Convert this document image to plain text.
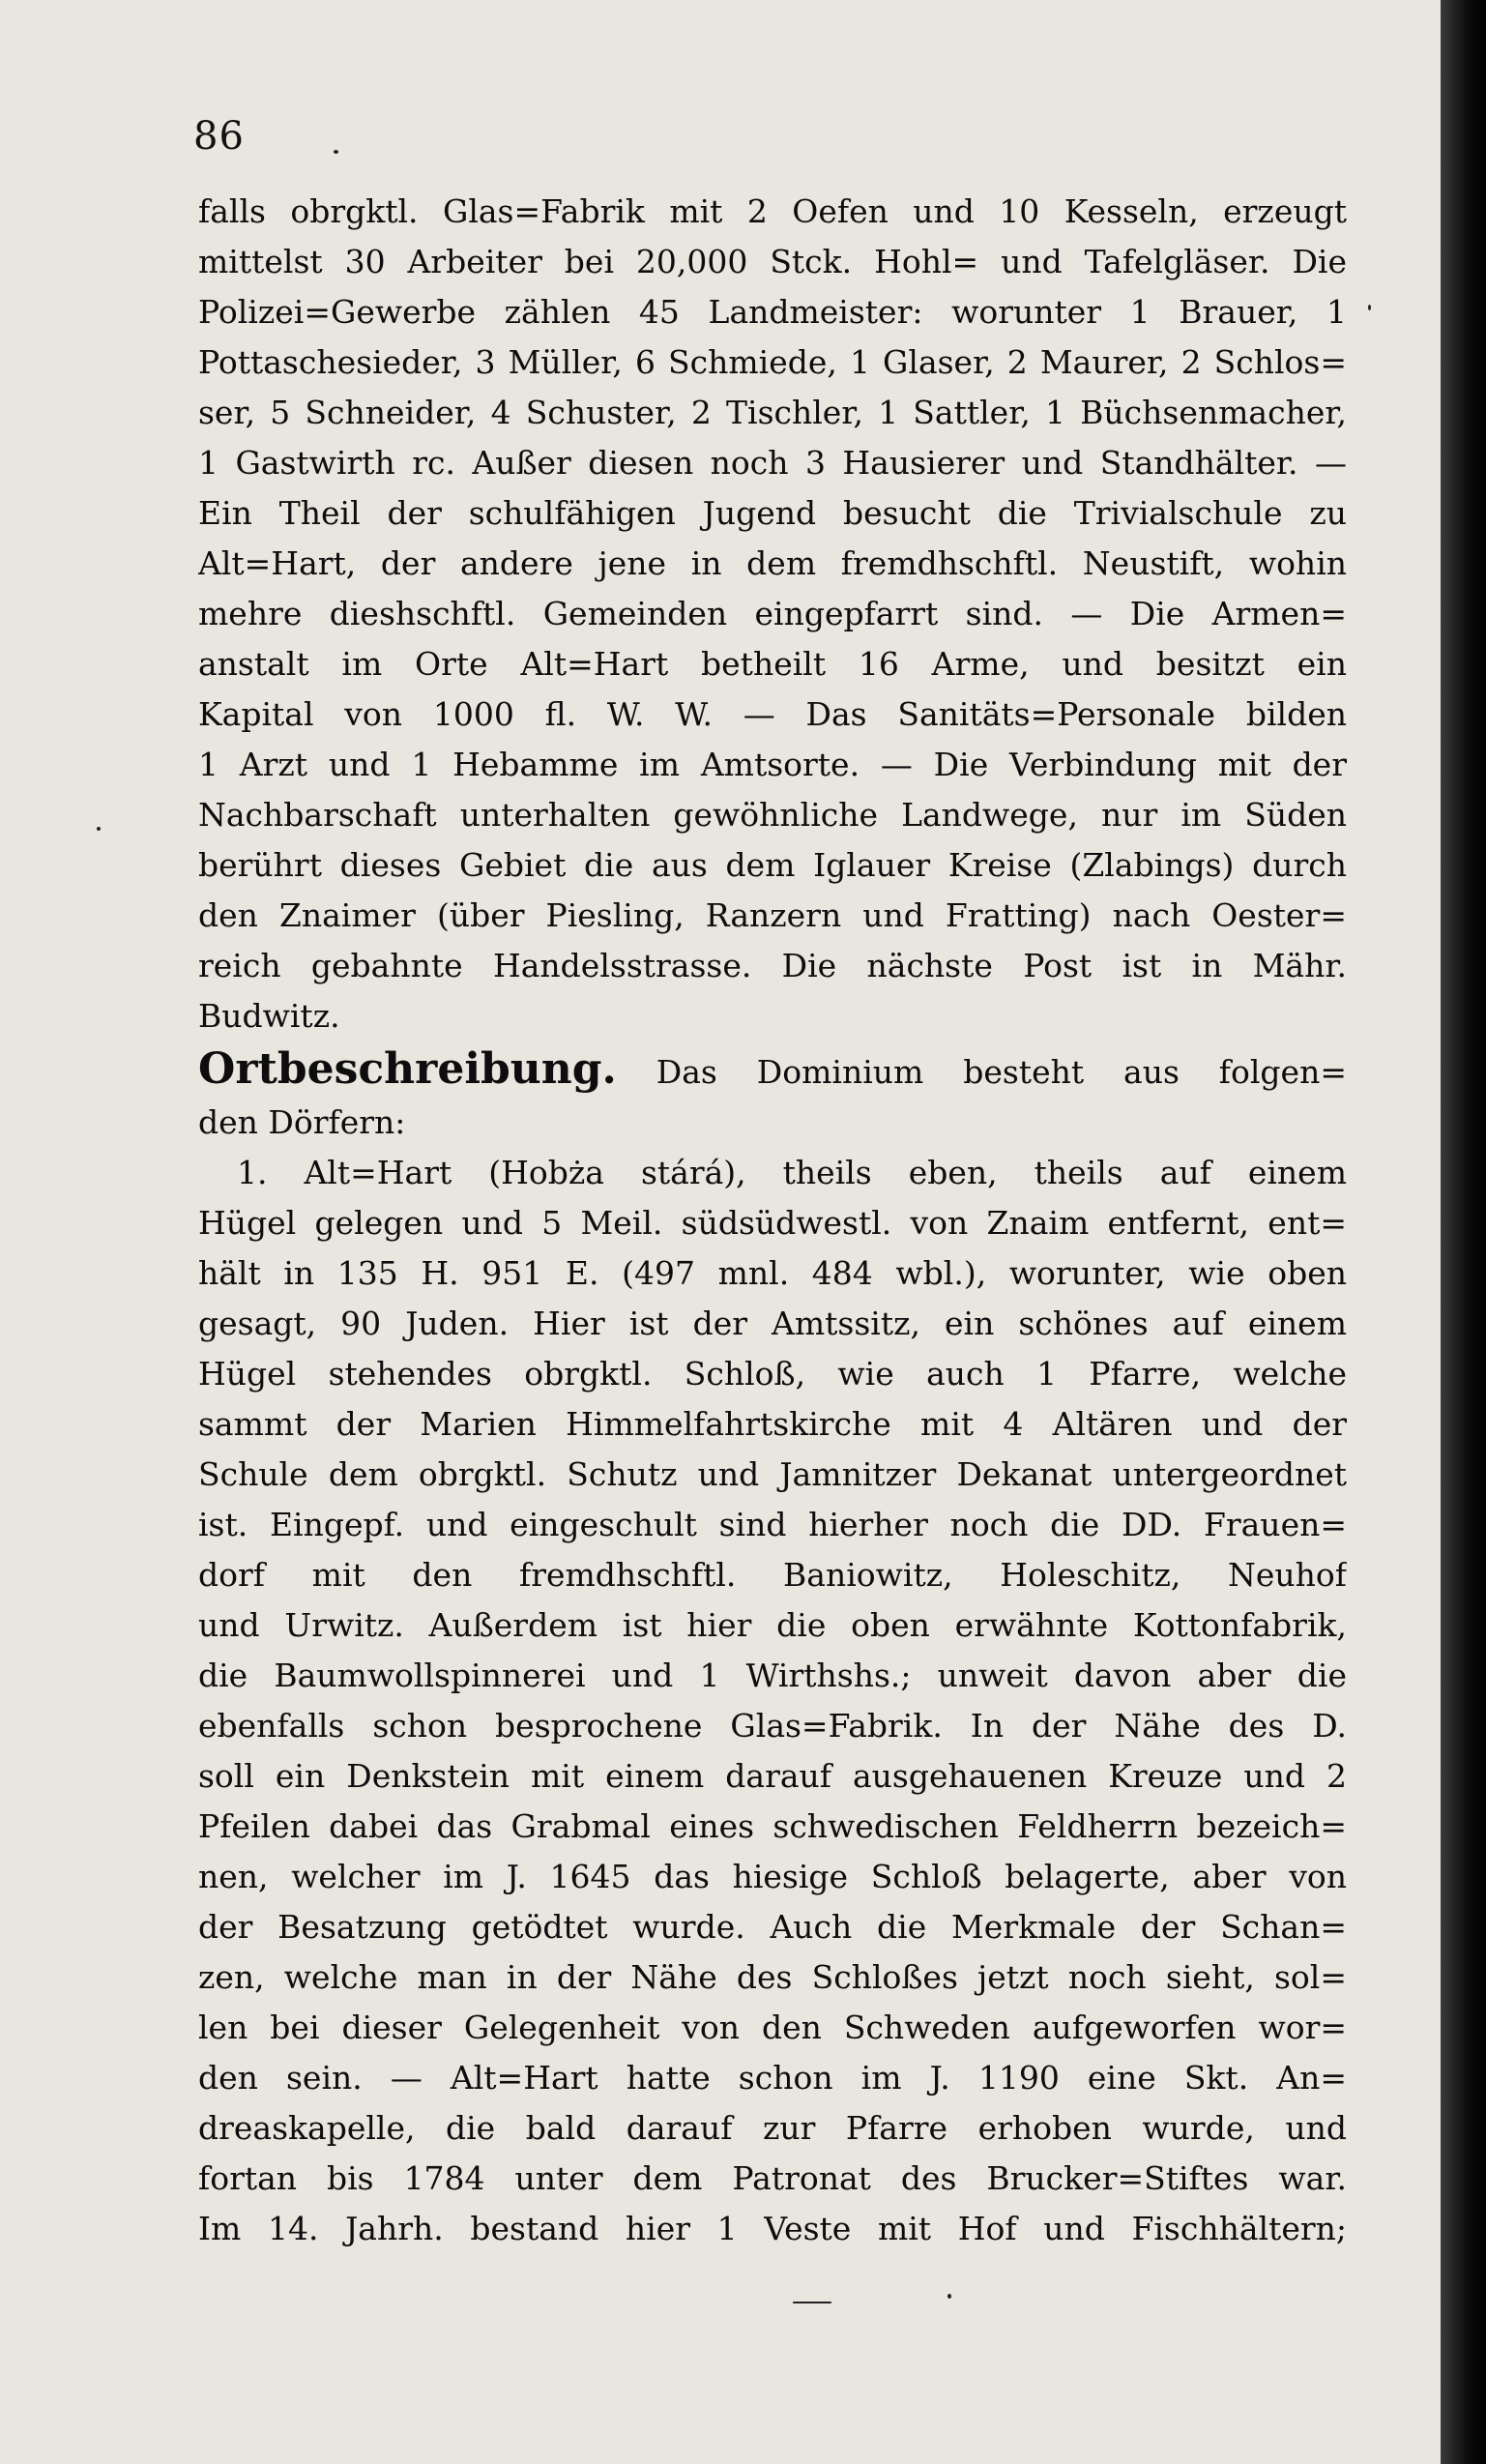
86
falls obrgktl. Glas=Fabrik mit 2 Oefen und 10 Kesseln, erzeugt
mittelst 30 Arbeiter bei 20,000 Stck. Hohl= und Tafelgläser. Die
Polizei=Gewerbe zählen 45 Landmeister: worunter 1 Brauer, 1
Pottaschesieder, 3 Müller, 6 Schmiede, 1 Glaser, 2 Maurer, 2 Schlos=
ser, 5 Schneider, 4 Schuster, 2 Tischler, 1 Sattler, 1 Büchsenmacher,
1 Gastwirth rc. Außer diesen noch 3 Hausierer und Standhälter. —
Ein Theil der schulfähigen Jugend besucht die Trivialschule zu
Alt=Hart, der andere jene in dem fremdhschftl. Neustift, wohin
mehre dieshschftl. Gemeinden eingepfarrt sind. — Die Armen=
anstalt im Orte Alt=Hart betheilt 16 Arme, und besitzt ein
Kapital von 1000 fl. W. W. — Das Sanitäts=Personale bilden
1 Arzt und 1 Hebamme im Amtsorte. — Die Verbindung mit der
Nachbarschaft unterhalten gewöhnliche Landwege, nur im Süden
berührt dieses Gebiet die aus dem Iglauer Kreise (Zlabings) durch
den Znaimer (über Piesling, Ranzern und Fratting) nach Oester=
reich gebahnte Handelsstrasse. Die nächste Post ist in Mähr.
Budwitz.
Ortbeschreibung. Das Dominium besteht aus folgen=
den Dörfern:
1. Alt=Hart (Hobża stárá), theils eben, theils auf einem
Hügel gelegen und 5 Meil. südsüdwestl. von Znaim entfernt, ent=
hält in 135 H. 951 E. (497 mnl. 484 wbl.), worunter, wie oben
gesagt, 90 Juden. Hier ist der Amtssitz, ein schönes auf einem
Hügel stehendes obrgktl. Schloß, wie auch 1 Pfarre, welche
sammt der Marien Himmelfahrtskirche mit 4 Altären und der
Schule dem obrgktl. Schutz und Jamnitzer Dekanat untergeordnet
ist. Eingepf. und eingeschult sind hierher noch die DD. Frauen=
dorf mit den fremdhschftl. Baniowitz, Holeschitz, Neuhof
und Urwitz. Außerdem ist hier die oben erwähnte Kottonfabrik,
die Baumwollspinnerei und 1 Wirthshs.; unweit davon aber die
ebenfalls schon besprochene Glas=Fabrik. In der Nähe des D.
soll ein Denkstein mit einem darauf ausgehauenen Kreuze und 2
Pfeilen dabei das Grabmal eines schwedischen Feldherrn bezeich=
nen, welcher im J. 1645 das hiesige Schloß belagerte, aber von
der Besatzung getödtet wurde. Auch die Merkmale der Schan=
zen, welche man in der Nähe des Schloßes jetzt noch sieht, sol=
len bei dieser Gelegenheit von den Schweden aufgeworfen wor=
den sein. — Alt=Hart hatte schon im J. 1190 eine Skt. An=
dreaskapelle, die bald darauf zur Pfarre erhoben wurde, und
fortan bis 1784 unter dem Patronat des Brucker=Stiftes war.
Im 14. Jahrh. bestand hier 1 Veste mit Hof und Fischhältern;
